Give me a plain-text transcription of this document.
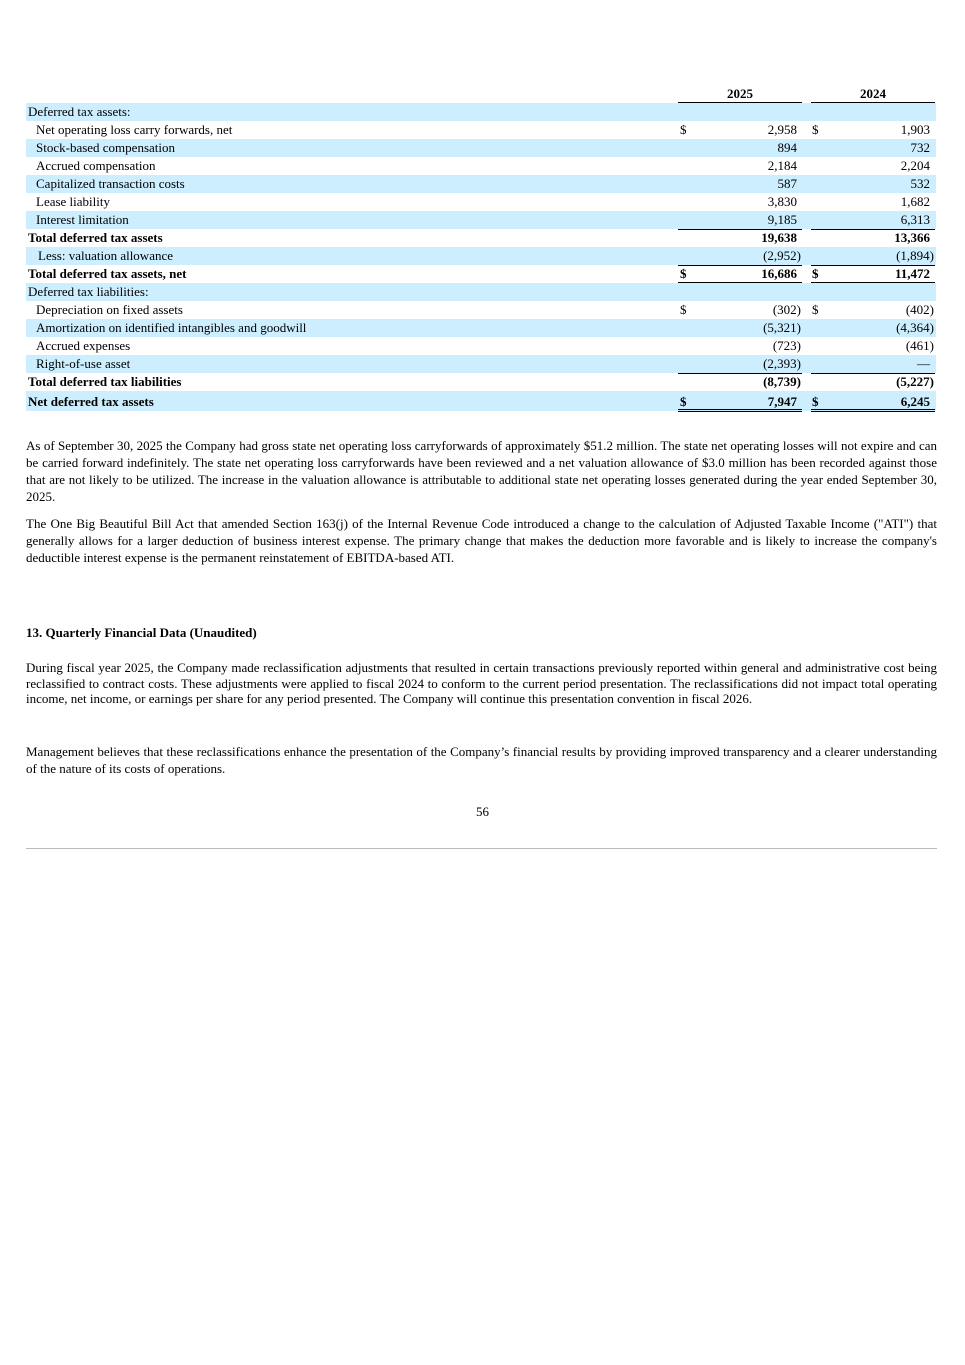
2025	2024
Deferred tax assets:
Net operating loss carry forwards, net	$	2,958 $	1,903
Stock-based compensation	894	732
Accrued compensation	2,184	2,204
Capitalized transaction costs	587	532
Lease liability	3,830	1,682
Interest limitation	9,185	6,313
Total deferred tax assets	19,638	13,366
Less: valuation allowance	(2,952)	(1,894)
Total deferred tax assets, net	$	16,686 $	11,472
Deferred tax liabilities:
Depreciation on fixed assets	$	(302) $	(402)
Amortization on identified intangibles and goodwill	(5,321)	(4,364)
Accrued expenses	(723)	(461)
Right-of-use asset	(2,393)	—
Total deferred tax liabilities	(8,739)	(5,227)
Net deferred tax assets	$	7,947 $	6,245

As of September 30, 2025 the Company had gross state net operating loss carryforwards of approximately $51.2 million. The state net operating losses will not expire and can be carried forward indefinitely. The state net operating loss carryforwards have been reviewed and a net valuation allowance of $3.0 million has been recorded against those that are not likely to be utilized. The increase in the valuation allowance is attributable to additional state net operating losses generated during the year ended September 30, 2025.

The One Big Beautiful Bill Act that amended Section 163(j) of the Internal Revenue Code introduced a change to the calculation of Adjusted Taxable Income ("ATI") that generally allows for a larger deduction of business interest expense. The primary change that makes the deduction more favorable and is likely to increase the company's deductible interest expense is the permanent reinstatement of EBITDA-based ATI.

13. Quarterly Financial Data (Unaudited)

During fiscal year 2025, the Company made reclassification adjustments that resulted in certain transactions previously reported within general and administrative cost being reclassified to contract costs. These adjustments were applied to fiscal 2024 to conform to the current period presentation. The reclassifications did not impact total operating income, net income, or earnings per share for any period presented. The Company will continue this presentation convention in fiscal 2026.

Management believes that these reclassifications enhance the presentation of the Company’s financial results by providing improved transparency and a clearer understanding of the nature of its costs of operations.

56
